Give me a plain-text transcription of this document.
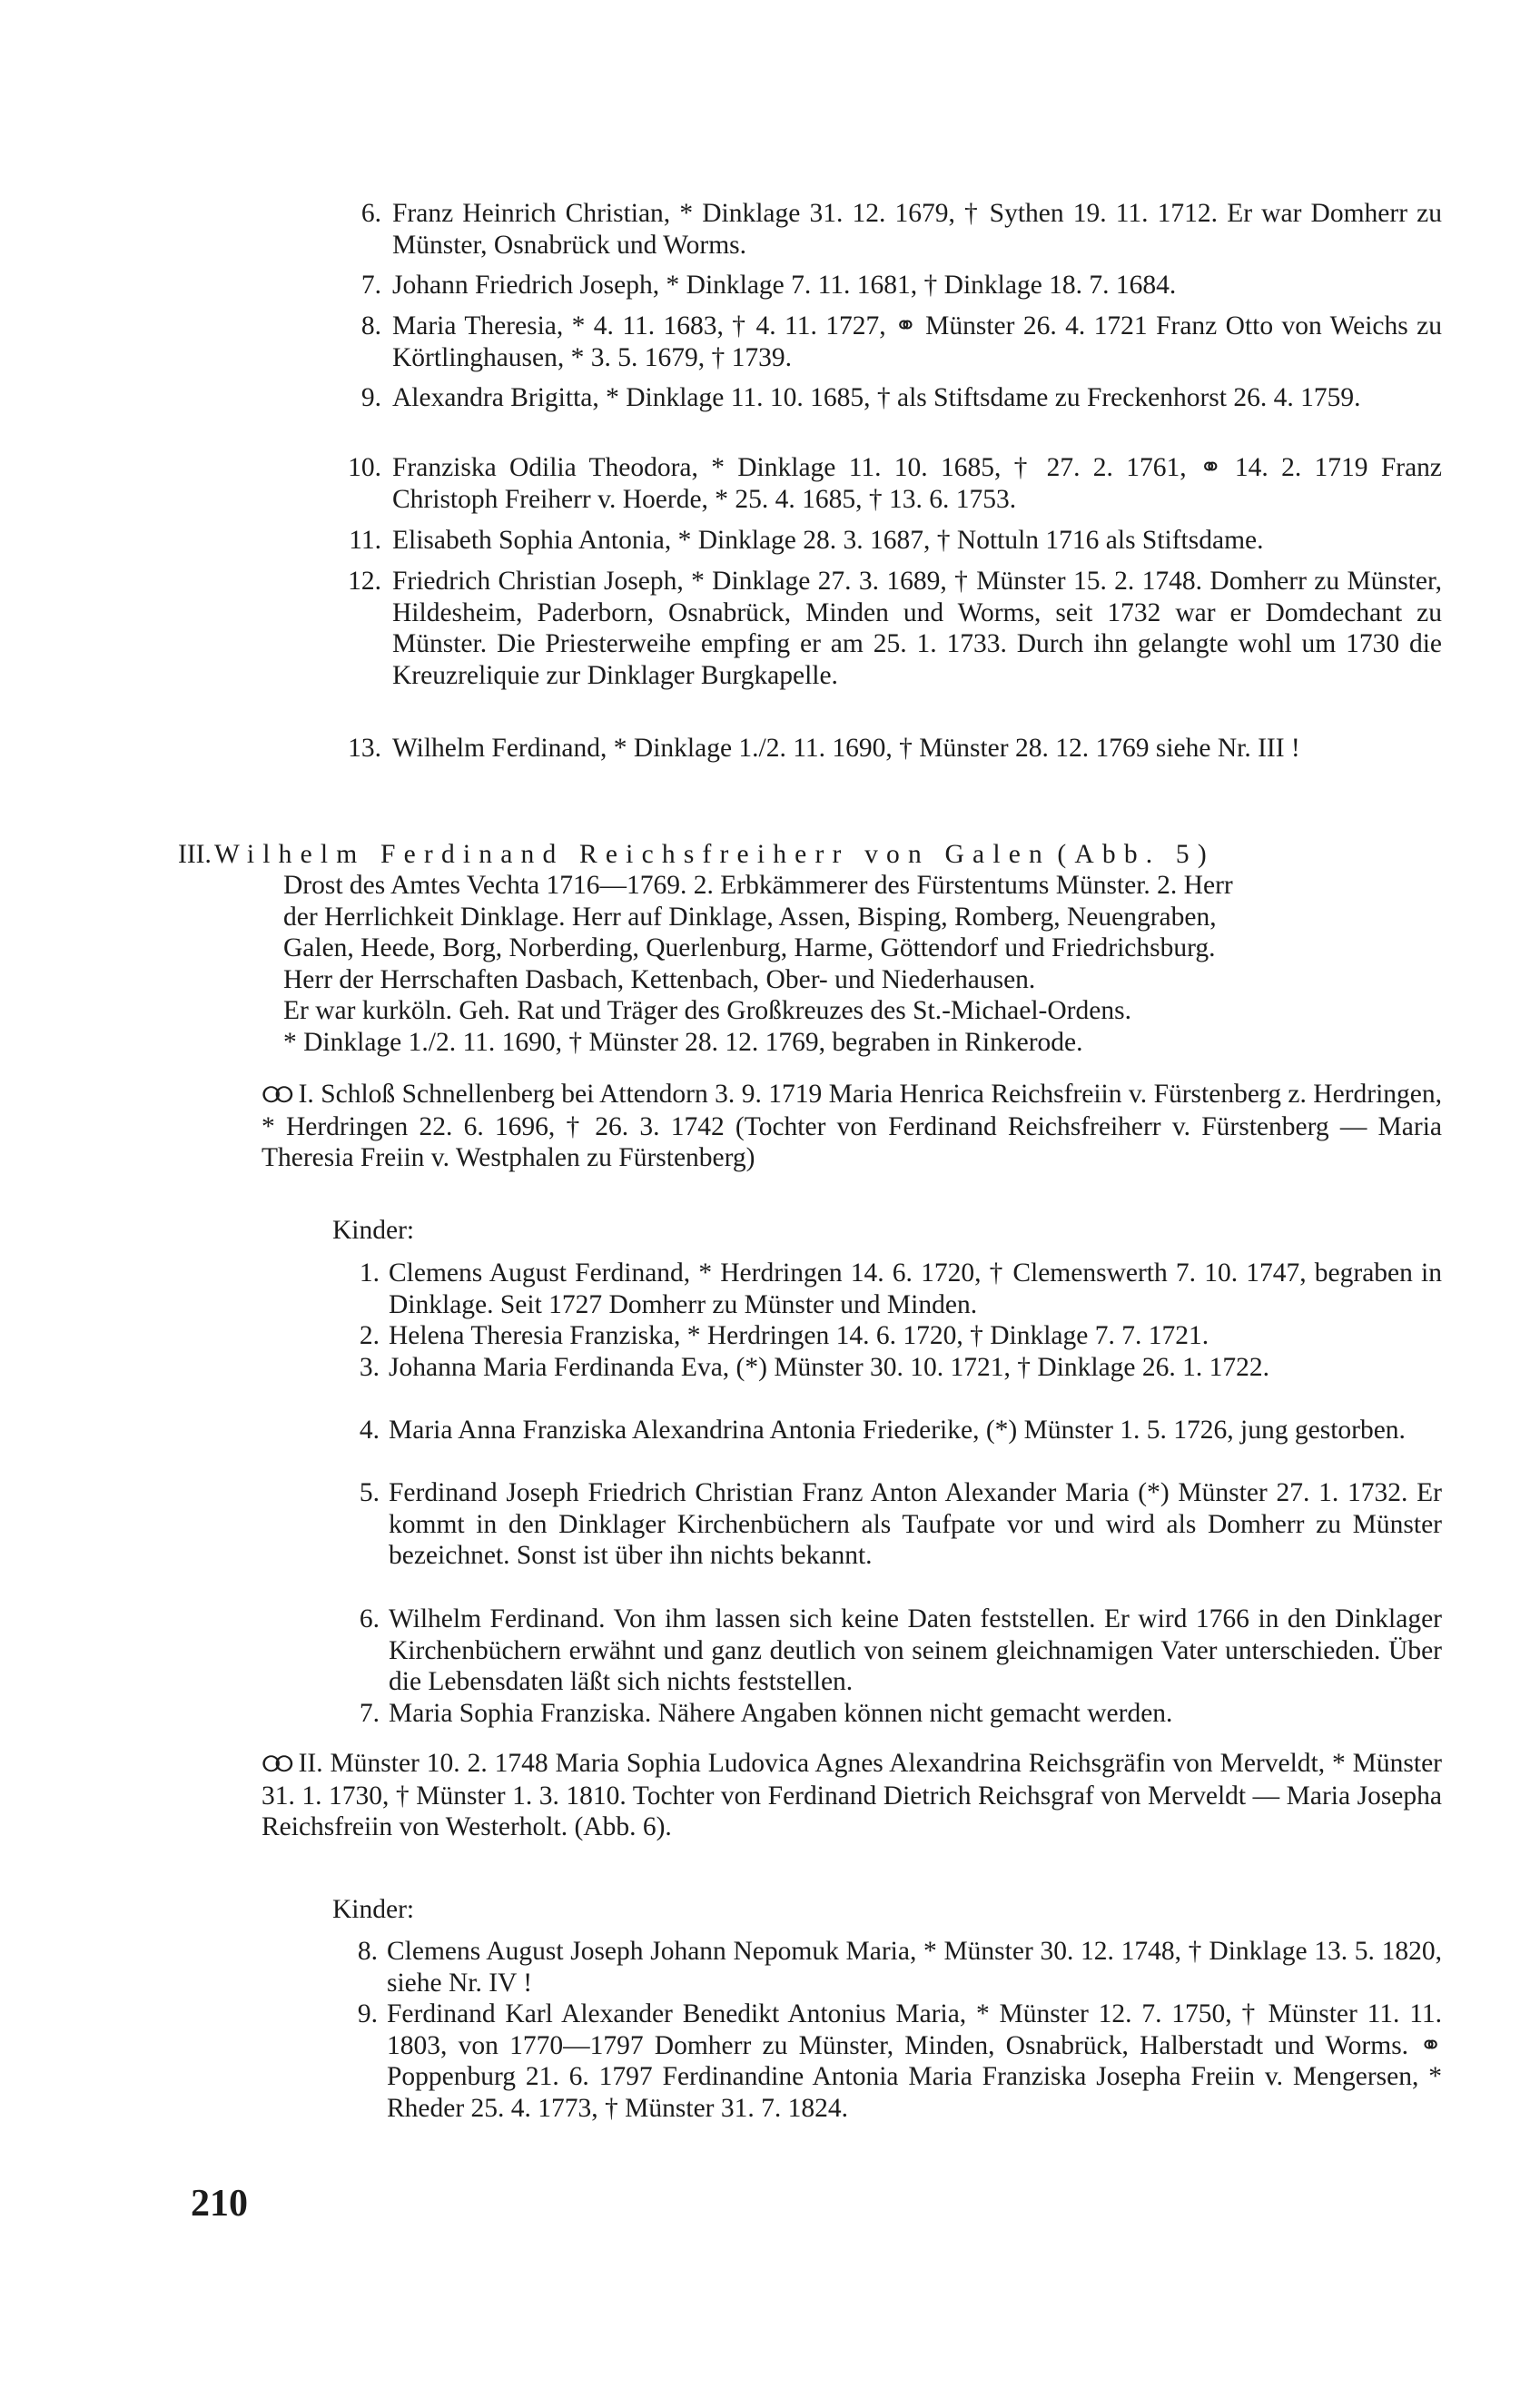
6. Franz Heinrich Christian, * Dinklage 31. 12. 1679, † Sythen 19. 11. 1712. Er war Domherr zu Münster, Osnabrück und Worms.
7. Johann Friedrich Joseph, * Dinklage 7. 11. 1681, † Dinklage 18. 7. 1684.
8. Maria Theresia, * 4. 11. 1683, † 4. 11. 1727, ⚭ Münster 26. 4. 1721 Franz Otto von Weichs zu Körtlinghausen, * 3. 5. 1679, † 1739.
9. Alexandra Brigitta, * Dinklage 11. 10. 1685, † als Stiftsdame zu Freckenhorst 26. 4. 1759.
10. Franziska Odilia Theodora, * Dinklage 11. 10. 1685, † 27. 2. 1761, ⚭ 14. 2. 1719 Franz Christoph Freiherr v. Hoerde, * 25. 4. 1685, † 13. 6. 1753.
11. Elisabeth Sophia Antonia, * Dinklage 28. 3. 1687, † Nottuln 1716 als Stiftsdame.
12. Friedrich Christian Joseph, * Dinklage 27. 3. 1689, † Münster 15. 2. 1748. Domherr zu Münster, Hildesheim, Paderborn, Osnabrück, Minden und Worms, seit 1732 war er Domdechant zu Münster. Die Priesterweihe empfing er am 25. 1. 1733. Durch ihn gelangte wohl um 1730 die Kreuzreliquie zur Dinklager Burgkapelle.
13. Wilhelm Ferdinand, * Dinklage 1./2. 11. 1690, † Münster 28. 12. 1769 siehe Nr. III !
III. Wilhelm Ferdinand Reichsfreiherr von Galen (Abb. 5)
Drost des Amtes Vechta 1716—1769. 2. Erbkämmerer des Fürstentums Münster. 2. Herr
der Herrlichkeit Dinklage. Herr auf Dinklage, Assen, Bisping, Romberg, Neuengraben,
Galen, Heede, Borg, Norberding, Querlenburg, Harme, Göttendorf und Friedrichsburg.
Herr der Herrschaften Dasbach, Kettenbach, Ober- und Niederhausen.
Er war kurköln. Geh. Rat und Träger des Großkreuzes des St.-Michael-Ordens.
* Dinklage 1./2. 11. 1690, † Münster 28. 12. 1769, begraben in Rinkerode.
ⵔⵔ I. Schloß Schnellenberg bei Attendorn 3. 9. 1719 Maria Henrica Reichsfreiin v. Fürstenberg z. Herdringen, * Herdringen 22. 6. 1696, † 26. 3. 1742 (Tochter von Ferdinand Reichsfreiherr v. Fürstenberg — Maria Theresia Freiin v. Westphalen zu Fürstenberg)
Kinder:
1. Clemens August Ferdinand, * Herdringen 14. 6. 1720, † Clemenswerth 7. 10. 1747, begraben in Dinklage. Seit 1727 Domherr zu Münster und Minden.
2. Helena Theresia Franziska, * Herdringen 14. 6. 1720, † Dinklage 7. 7. 1721.
3. Johanna Maria Ferdinanda Eva, (*) Münster 30. 10. 1721, † Dinklage 26. 1. 1722.
4. Maria Anna Franziska Alexandrina Antonia Friederike, (*) Münster 1. 5. 1726, jung gestorben.
5. Ferdinand Joseph Friedrich Christian Franz Anton Alexander Maria (*) Münster 27. 1. 1732. Er kommt in den Dinklager Kirchenbüchern als Taufpate vor und wird als Domherr zu Münster bezeichnet. Sonst ist über ihn nichts bekannt.
6. Wilhelm Ferdinand. Von ihm lassen sich keine Daten feststellen. Er wird 1766 in den Dinklager Kirchenbüchern erwähnt und ganz deutlich von seinem gleichnamigen Vater unterschieden. Über die Lebensdaten läßt sich nichts feststellen.
7. Maria Sophia Franziska. Nähere Angaben können nicht gemacht werden.
ⵔⵔ II. Münster 10. 2. 1748 Maria Sophia Ludovica Agnes Alexandrina Reichsgräfin von Merveldt, * Münster 31. 1. 1730, † Münster 1. 3. 1810. Tochter von Ferdinand Dietrich Reichsgraf von Merveldt — Maria Josepha Reichsfreiin von Westerholt. (Abb. 6).
Kinder:
8. Clemens August Joseph Johann Nepomuk Maria, * Münster 30. 12. 1748, † Dinklage 13. 5. 1820, siehe Nr. IV !
9. Ferdinand Karl Alexander Benedikt Antonius Maria, * Münster 12. 7. 1750, † Münster 11. 11. 1803, von 1770—1797 Domherr zu Münster, Minden, Osnabrück, Halberstadt und Worms. ⚭ Poppenburg 21. 6. 1797 Ferdinandine Antonia Maria Franziska Josepha Freiin v. Mengersen, * Rheder 25. 4. 1773, † Münster 31. 7. 1824.
210
